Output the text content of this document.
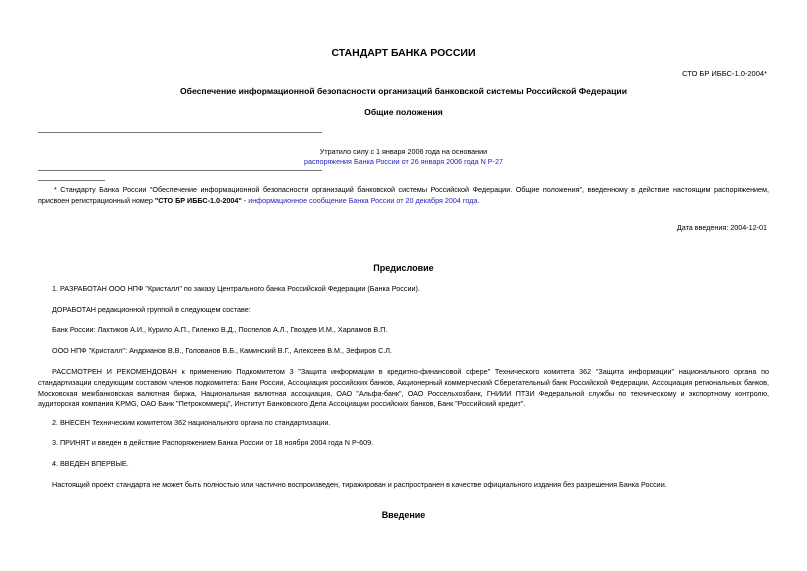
СТАНДАРТ БАНКА РОССИИ
СТО БР ИББС-1.0-2004*
Обеспечение информационной безопасности организаций банковской системы Российской Федерации
Общие положения
Утратило силу с 1 января 2006 года на основании
распоряжения Банка России от 26 января 2006 года N Р-27
* Стандарту Банка России "Обеспечение информационной безопасности организаций банковской системы Российской Федерации. Общие положения", введенному в действие настоящим распоряжением, присвоен регистрационный номер "СТО БР ИББС-1.0-2004" - информационное сообщение Банка России от 20 декабря 2004 года.
Дата введения: 2004-12-01
Предисловие
1. РАЗРАБОТАН ООО НПФ "Кристалл" по заказу Центрального банка Российской Федерации (Банка России).
ДОРАБОТАН редакционной группой в следующем составе:
Банк России: Лахтиков А.И., Курило А.П., Гиленко В.Д., Поспелов А.Л., Гвоздев И.М., Харламов В.П.
ООО НПФ "Кристалл": Андрианов В.В., Голованов В.Б., Каминский В.Г., Алексеев В.М., Зефиров С.Л.
РАССМОТРЕН И РЕКОМЕНДОВАН к применению Подкомитетом 3 "Защита информации в кредитно-финансовой сфере" Технического комитета 362 "Защита информации" национального органа по стандартизации следующим составом членов подкомитета: Банк России, Ассоциация российских банков, Акционерный коммерческий Сберегательный банк Российской Федерации, Ассоциация региональных банков, Московская межбанковская валютная биржа, Национальная валютная ассоциация, ОАО "Альфа-банк", ОАО Россельхозбанк, ГНИИИ ПТЗИ Федеральной службы по техническому и экспортному контролю, аудиторская компания KPMG, ОАО Банк "Петрокоммерц", Институт Банковского Дела Ассоциации российских банков, Банк "Российский кредит".
2. ВНЕСЕН Техническим комитетом 362 национального органа по стандартизации.
3. ПРИНЯТ и введен в действие Распоряжением Банка России от 18 ноября 2004 года N Р-609.
4. ВВЕДЕН ВПЕРВЫЕ.
Настоящий проект стандарта не может быть полностью или частично воспроизведен, тиражирован и распространен в качестве официального издания без разрешения Банка России.
Введение
